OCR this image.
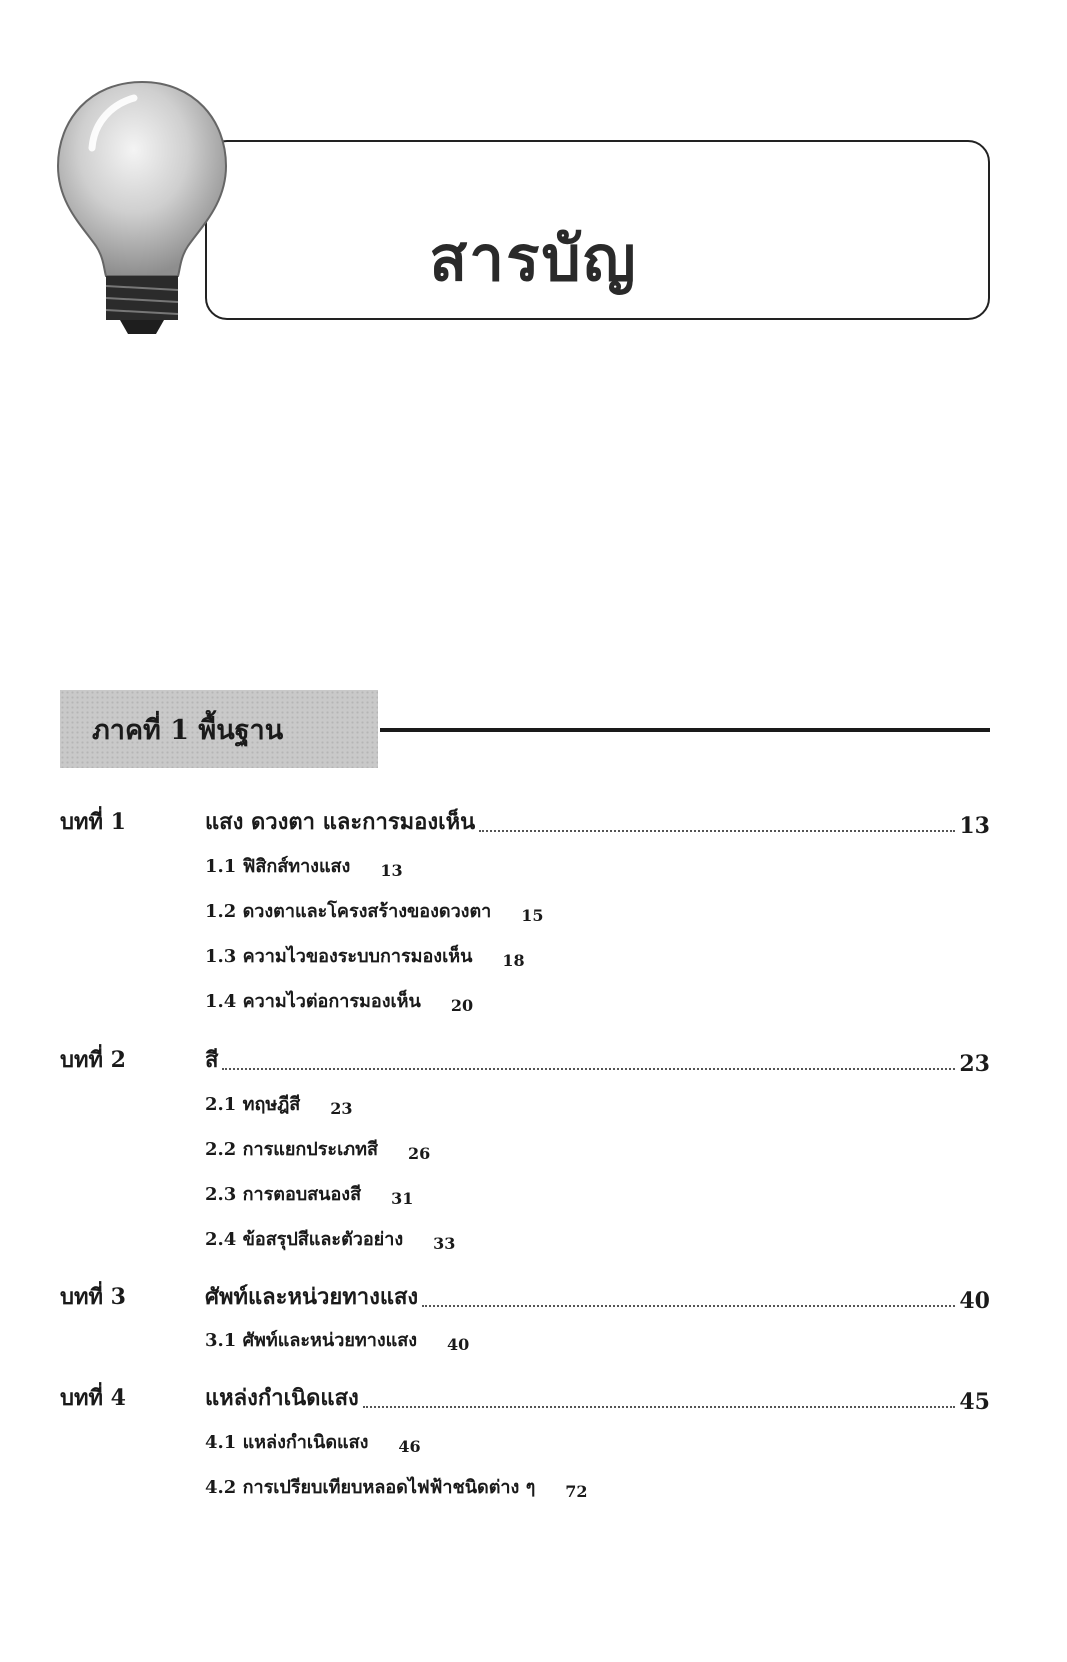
สารบัญ
ภาคที่ 1 พื้นฐาน
บทที่ 1	แสง ดวงตา และการมองเห็น	13
1.1 ฟิสิกส์ทางแสง 13
1.2 ดวงตาและโครงสร้างของดวงตา 15
1.3 ความไวของระบบการมองเห็น 18
1.4 ความไวต่อการมองเห็น 20
บทที่ 2	สี	23
2.1 ทฤษฎีสี 23
2.2 การแยกประเภทสี 26
2.3 การตอบสนองสี 31
2.4 ข้อสรุปสีและตัวอย่าง 33
บทที่ 3	ศัพท์และหน่วยทางแสง	40
3.1 ศัพท์และหน่วยทางแสง 40
บทที่ 4	แหล่งกำเนิดแสง	45
4.1 แหล่งกำเนิดแสง 46
4.2 การเปรียบเทียบหลอดไฟฟ้าชนิดต่าง ๆ 72
